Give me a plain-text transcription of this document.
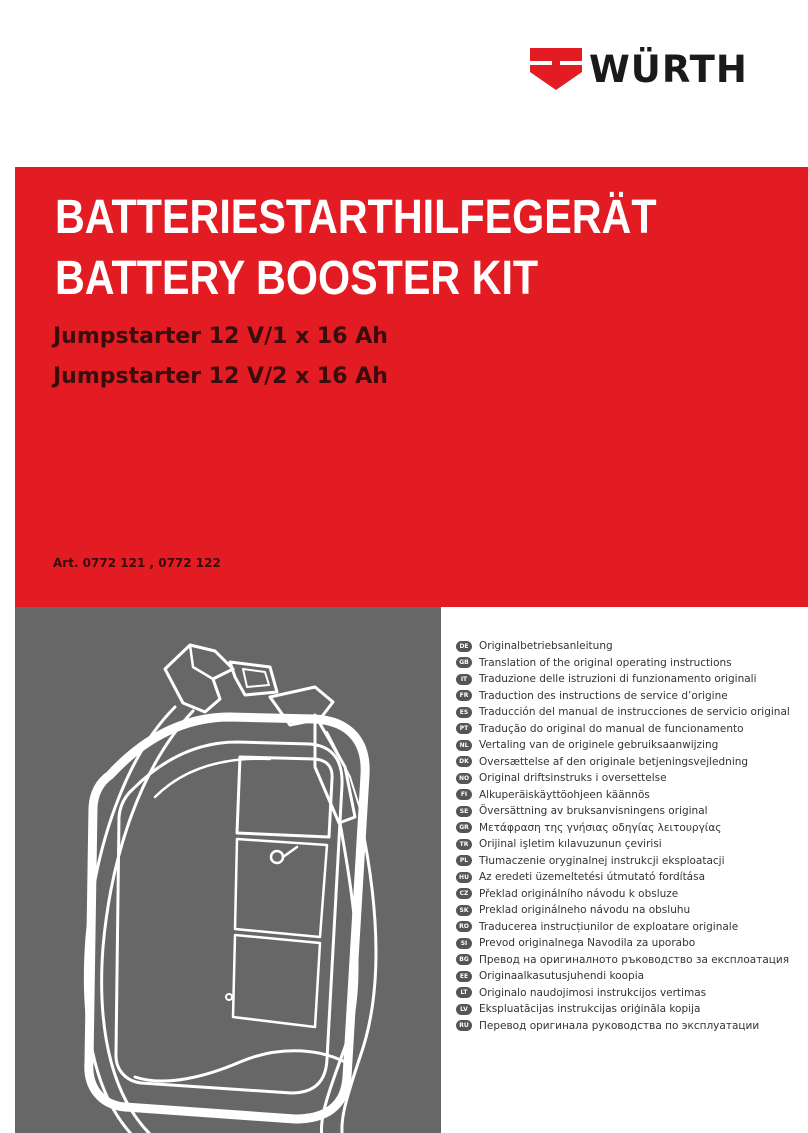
WÜRTH
BATTERIESTARTHILFEGERÄT
BATTERY BOOSTER KIT
Jumpstarter 12 V/1 x 16 Ah
Jumpstarter 12 V/2 x 16 Ah
Art. 0772 121 , 0772 122
DE Originalbetriebsanleitung
GB Translation of the original operating instructions
IT	Traduzione delle istruzioni di funzionamento originali
FR	Traduction des instructions de service d’origine
ES	Traducción del manual de instrucciones de servicio original
PT	Tradução do original do manual de funcionamento
NL	Vertaling van de originele gebruiksaanwijzing
DK Oversættelse af den originale betjeningsvejledning
NO Original driftsinstruks i oversettelse
FI	Alkuperäiskäyttöohjeen käännös
SE	Översättning av bruksanvisningens original
GR Μετάφραση της γνήσιας οδηγίας λειτουργίας
TR	Orijinal işletim kılavuzunun çevirisi
PL	Tłumaczenie oryginalnej instrukcji eksploatacji
HU Az eredeti üzemeltetési útmutató fordítása
CZ	Překlad originálního návodu k obsluze
SK	Preklad originálneho návodu na obsluhu
RO Traducerea instrucțiunilor de exploatare originale
SI	Prevod originalnega Navodila za uporabo
BG Превод на оригиналното ръководство за експлоатация
EE	Originaalkasutusjuhendi koopia
LT	Originalo naudojimosi instrukcijos vertimas
LV	Ekspluatācijas instrukcijas oriģināla kopija
RU Перевод оригинала руководства по эксплуатации
